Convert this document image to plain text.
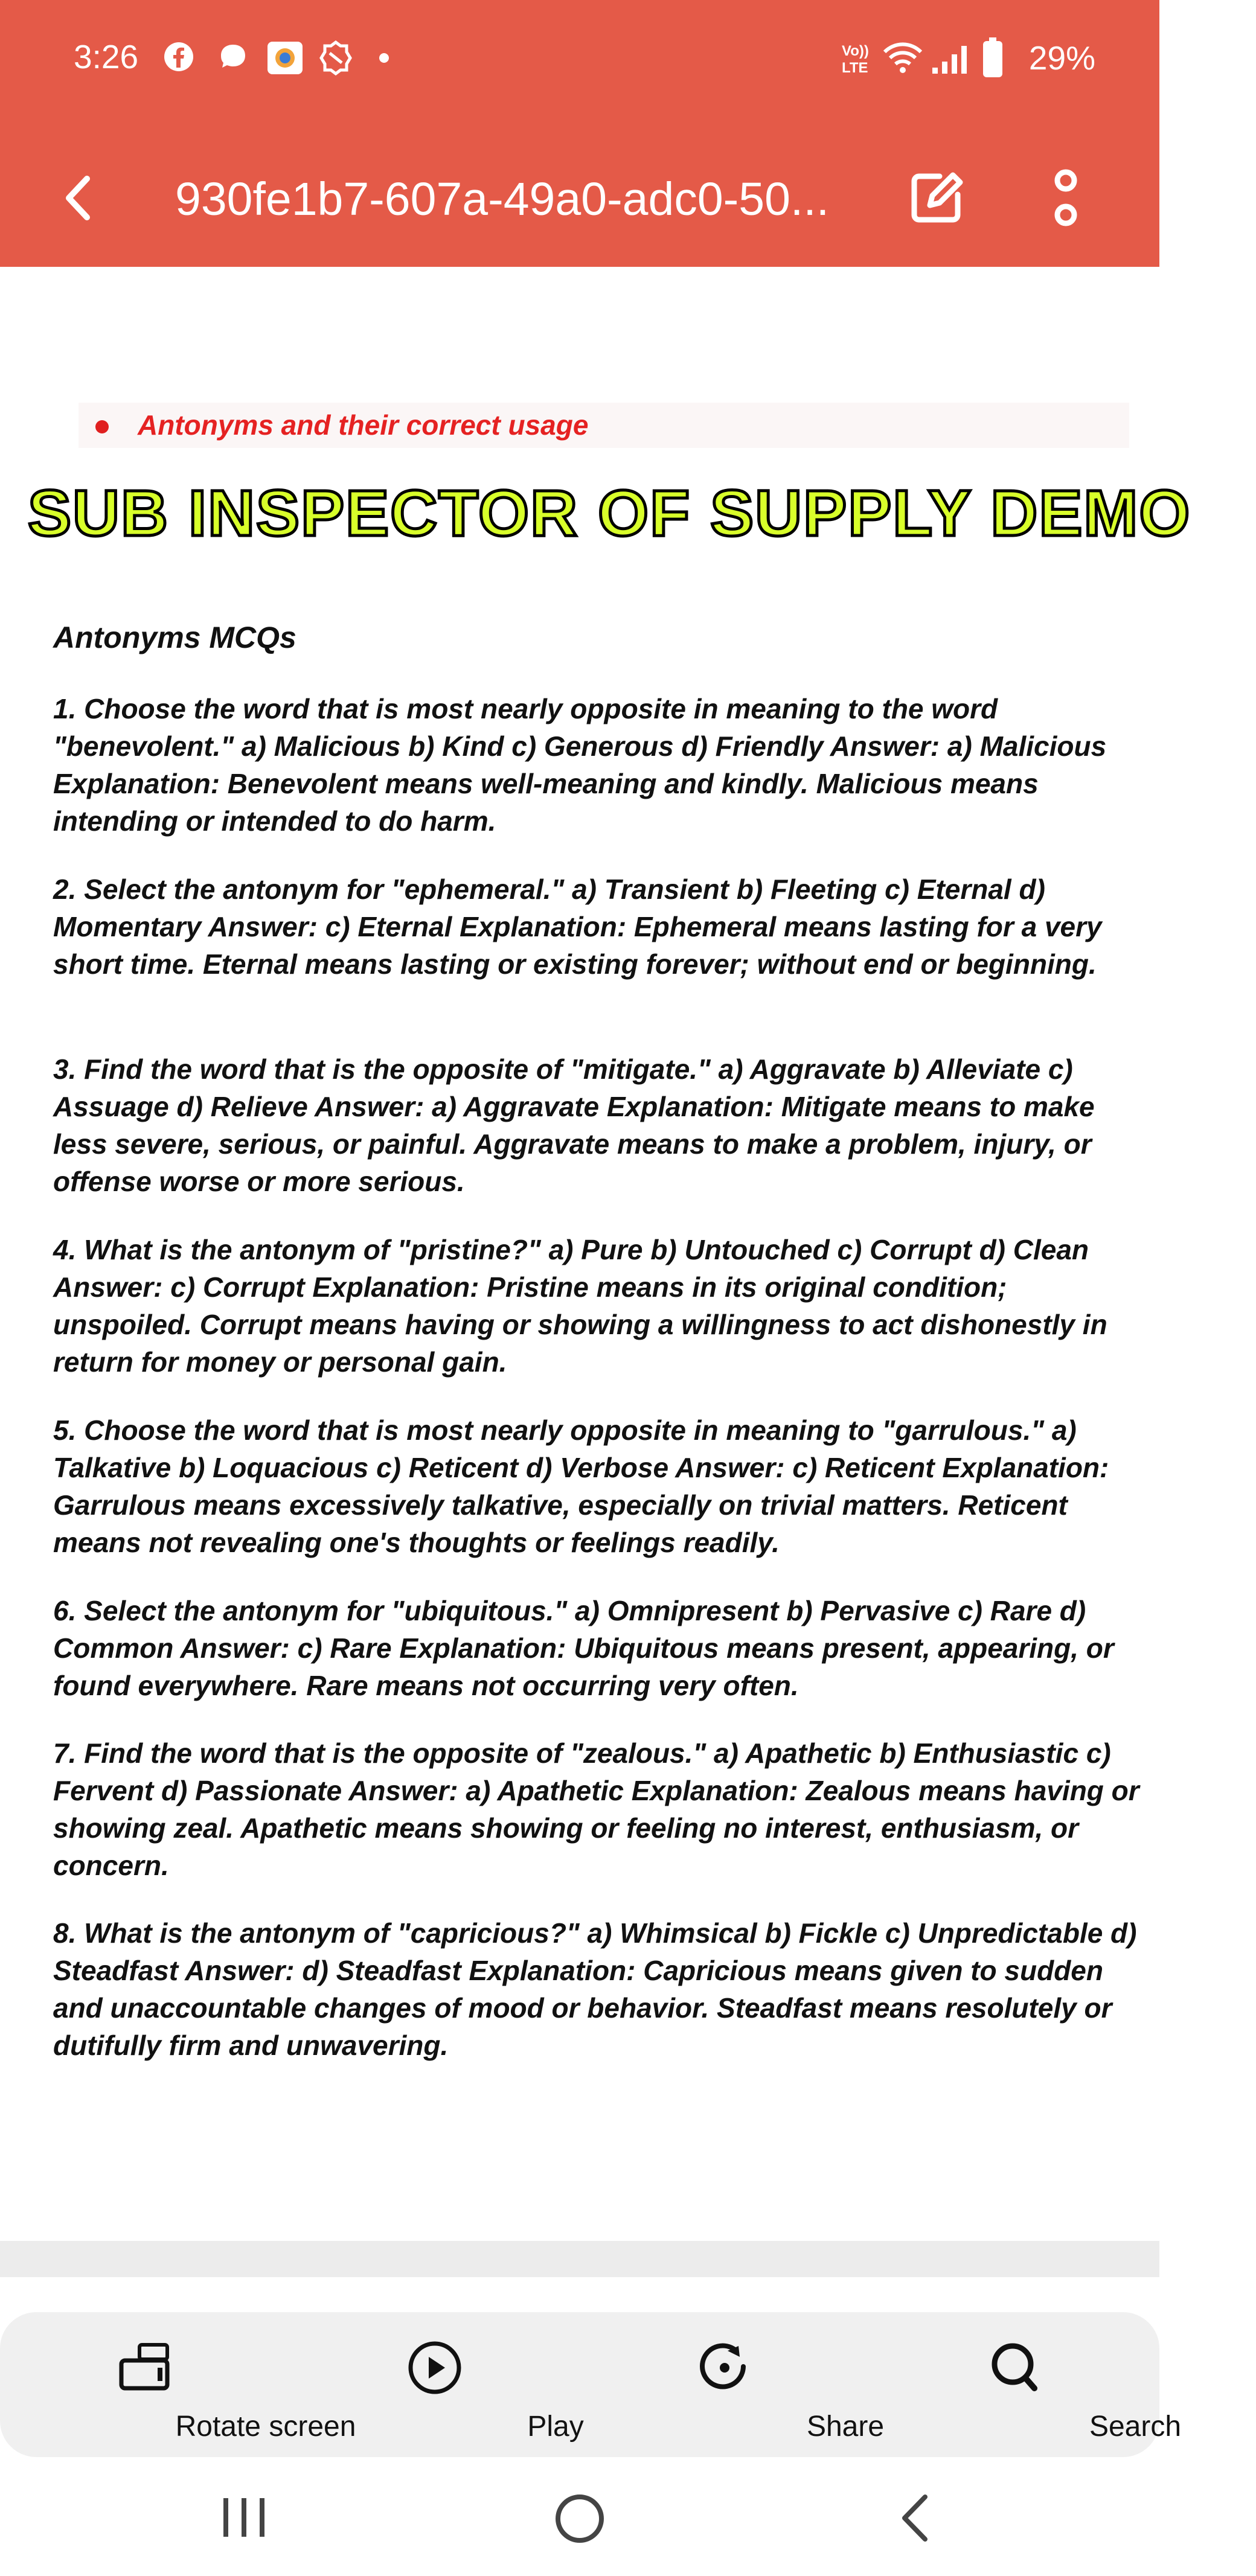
3:26	Vo))
LTE	29%
930fe1b7-607a-49a0-adc0-50...
Antonyms and their correct usage
SUB INSPECTOR OF SUPPLY DEMO
Antonyms MCQs
1. Choose the word that is most nearly opposite in meaning to the word "benevolent." a) Malicious b) Kind c) Generous d) Friendly Answer: a) Malicious Explanation: Benevolent means well-meaning and kindly. Malicious means intending or intended to do harm.
2. Select the antonym for "ephemeral." a) Transient b) Fleeting c) Eternal d) Momentary Answer: c) Eternal Explanation: Ephemeral means lasting for a very short time. Eternal means lasting or existing forever; without end or beginning.
3. Find the word that is the opposite of "mitigate." a) Aggravate b) Alleviate c) Assuage d) Relieve Answer: a) Aggravate Explanation: Mitigate means to make less severe, serious, or painful. Aggravate means to make a problem, injury, or offense worse or more serious.
4. What is the antonym of "pristine?" a) Pure b) Untouched c) Corrupt d) Clean Answer: c) Corrupt Explanation: Pristine means in its original condition; unspoiled. Corrupt means having or showing a willingness to act dishonestly in return for money or personal gain.
5. Choose the word that is most nearly opposite in meaning to "garrulous." a) Talkative b) Loquacious c) Reticent d) Verbose Answer: c) Reticent Explanation: Garrulous means excessively talkative, especially on trivial matters. Reticent means not revealing one's thoughts or feelings readily.
6. Select the antonym for "ubiquitous." a) Omnipresent b) Pervasive c) Rare d) Common Answer: c) Rare Explanation: Ubiquitous means present, appearing, or found everywhere. Rare means not occurring very often.
7. Find the word that is the opposite of "zealous." a) Apathetic b) Enthusiastic c) Fervent d) Passionate Answer: a) Apathetic Explanation: Zealous means having or showing zeal. Apathetic means showing or feeling no interest, enthusiasm, or concern.
8. What is the antonym of "capricious?" a) Whimsical b) Fickle c) Unpredictable d) Steadfast Answer: d) Steadfast Explanation: Capricious means given to sudden and unaccountable changes of mood or behavior. Steadfast means resolutely or dutifully firm and unwavering.
Rotate screen	Play	Share	Search
